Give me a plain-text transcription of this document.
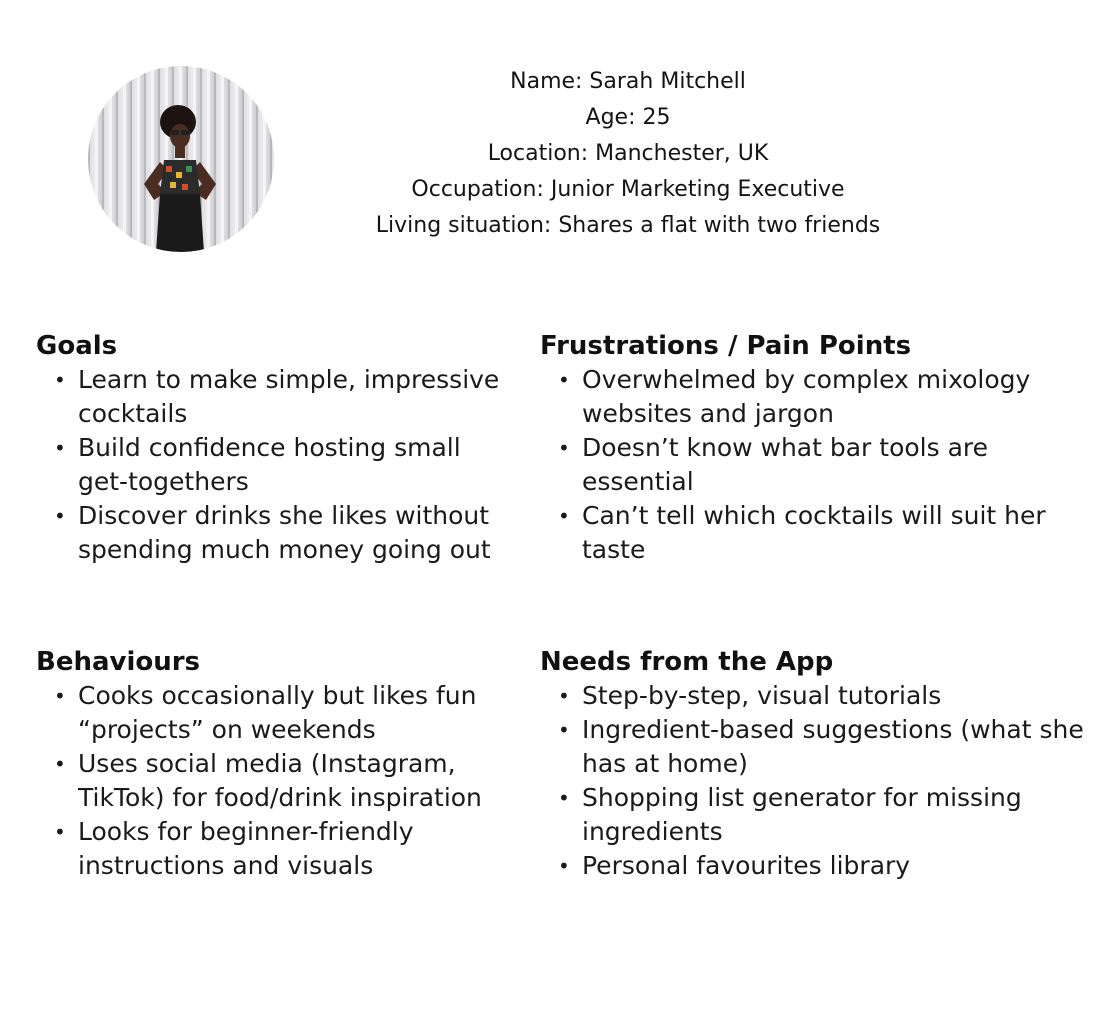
Name: Sarah Mitchell
Age: 25
Location: Manchester, UK
Occupation: Junior Marketing Executive
Living situation: Shares a flat with two friends
Goals
• Learn to make simple, impressive cocktails
• Build confidence hosting small get-togethers
• Discover drinks she likes without spending much money going out
Frustrations / Pain Points
• Overwhelmed by complex mixology websites and jargon
• Doesn’t know what bar tools are essential
• Can’t tell which cocktails will suit her taste
Behaviours
• Cooks occasionally but likes fun “projects” on weekends
• Uses social media (Instagram, TikTok) for food/drink inspiration
• Looks for beginner-friendly instructions and visuals
Needs from the App
• Step-by-step, visual tutorials
• Ingredient-based suggestions (what she has at home)
• Shopping list generator for missing ingredients
• Personal favourites library
